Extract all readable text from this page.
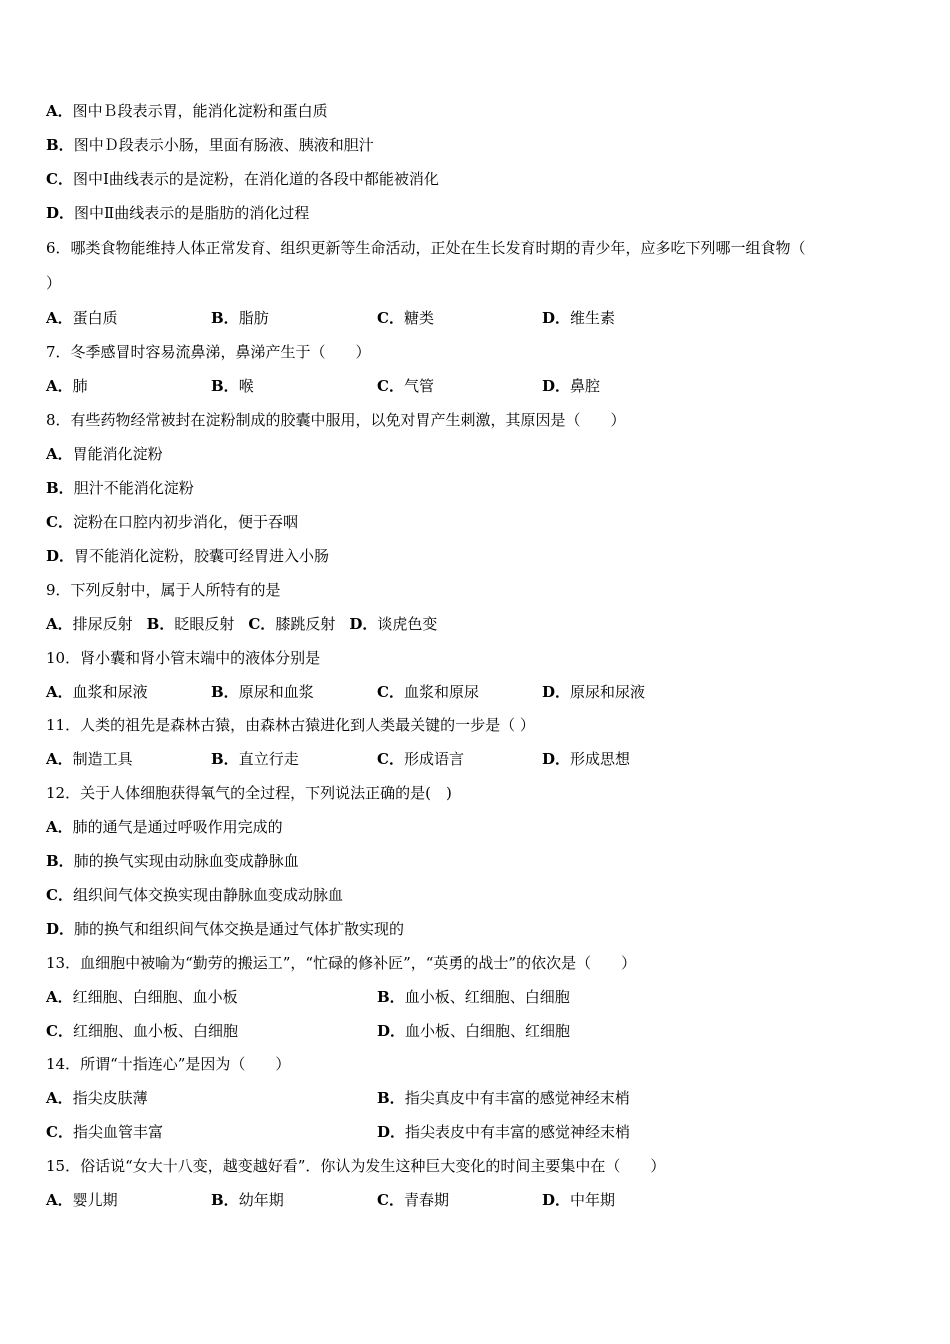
A．图中Ｂ段表示胃，能消化淀粉和蛋白质
B．图中Ｄ段表示小肠，里面有肠液、胰液和胆汁
C．图中Ⅰ曲线表示的是淀粉，在消化道的各段中都能被消化
D．图中Ⅱ曲线表示的是脂肪的消化过程
6．哪类食物能维持人体正常发育、组织更新等生命活动，正处在生长发育时期的青少年，应多吃下列哪一组食物（
）
A．蛋白质	B．脂肪	C．糖类	D．维生素
7．冬季感冒时容易流鼻涕，鼻涕产生于（　　）
A．肺	B．喉	C．气管	D．鼻腔
8．有些药物经常被封在淀粉制成的胶囊中服用，以免对胃产生刺激，其原因是（　　）
A．胃能消化淀粉
B．胆汁不能消化淀粉
C．淀粉在口腔内初步消化，便于吞咽
D．胃不能消化淀粉，胶囊可经胃进入小肠
9．下列反射中，属于人所特有的是
A．排尿反射 B．眨眼反射 C．膝跳反射 D．谈虎色变
10．肾小囊和肾小管末端中的液体分别是
A．血浆和尿液	B．原尿和血浆	C．血浆和原尿	D．原尿和尿液
11．人类的祖先是森林古猿，由森林古猿进化到人类最关键的一步是（ ）
A．制造工具	B．直立行走	C．形成语言	D．形成思想
12．关于人体细胞获得氧气的全过程，下列说法正确的是(　)
A．肺的通气是通过呼吸作用完成的
B．肺的换气实现由动脉血变成静脉血
C．组织间气体交换实现由静脉血变成动脉血
D．肺的换气和组织间气体交换是通过气体扩散实现的
13．血细胞中被喻为“勤劳的搬运工”，“忙碌的修补匠”，“英勇的战士”的依次是（　　）
A．红细胞、白细胞、血小板	B．血小板、红细胞、白细胞
C．红细胞、血小板、白细胞	D．血小板、白细胞、红细胞
14．所谓“十指连心”是因为（　　）
A．指尖皮肤薄	B．指尖真皮中有丰富的感觉神经末梢
C．指尖血管丰富	D．指尖表皮中有丰富的感觉神经末梢
15．俗话说“女大十八变，越变越好看”．你认为发生这种巨大变化的时间主要集中在（　　）
A．婴儿期	B．幼年期	C．青春期	D．中年期
